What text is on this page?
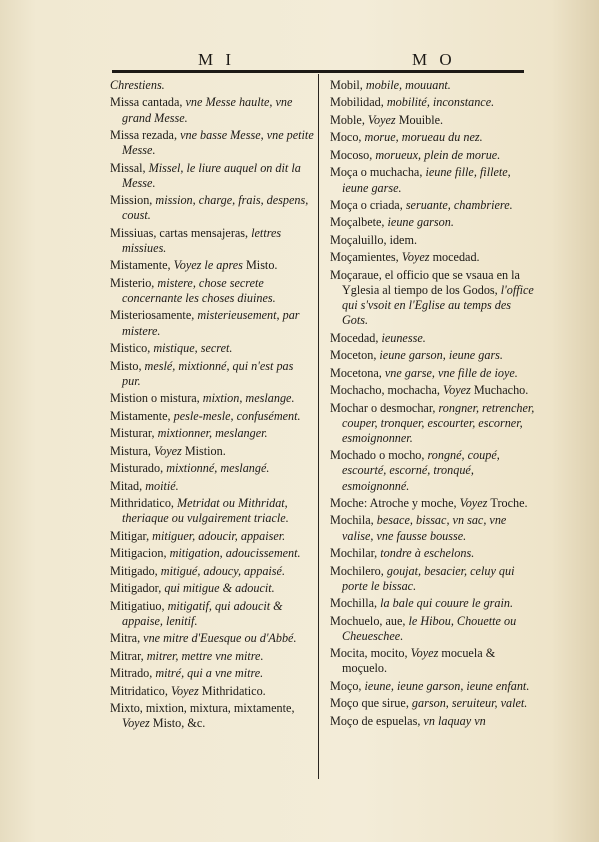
M I	M O
Chrestiens.
Missa cantada, vne Messe haulte, vne grand Messe.
Missa rezada, vne basse Messe, vne petite Messe.
Missal, Missel, le liure auquel on dit la Messe.
Mission, mission, charge, frais, despens, coust.
Missiuas, cartas mensajeras, lettres missiues.
Mistamente, Voyez le apres Misto.
Misterio, mistere, chose secrete concernante les choses diuines.
Misteriosamente, misterieusement, par mistere.
Mistico, mistique, secret.
Misto, meslé, mixtionné, qui n'est pas pur.
Mistion o mistura, mixtion, meslange.
Mistamente, pesle-mesle, confusément.
Misturar, mixtionner, meslanger.
Mistura, Voyez Mistion.
Misturado, mixtionné, meslangé.
Mitad, moitié.
Mithridatico, Metridat ou Mithridat, theriaque ou vulgairement triacle.
Mitigar, mitiguer, adoucir, appaiser.
Mitigacion, mitigation, adoucissement.
Mitigado, mitigué, adoucy, appaisé.
Mitigador, qui mitigue & adoucit.
Mitigatiuo, mitigatif, qui adoucit & appaise, lenitif.
Mitra, vne mitre d'Euesque ou d'Abbé.
Mitrar, mitrer, mettre vne mitre.
Mitrado, mitré, qui a vne mitre.
Mitridatico, Voyez Mithridatico.
Mixto, mixtion, mixtura, mixtamente, Voyez Misto, &c.
Mobil, mobile, mouuant.
Mobilidad, mobilité, inconstance.
Moble, Voyez Mouible.
Moco, morue, morueau du nez.
Mocoso, morueux, plein de morue.
Moça o muchacha, ieune fille, fillete, ieune garse.
Moça o criada, seruante, chambriere.
Moçalbete, ieune garson.
Moçaluillo, idem.
Moçamientes, Voyez mocedad.
Moçaraue, el officio que se vsaua en la Yglesia al tiempo de los Godos, l'office qui s'vsoit en l'Eglise au temps des Gots.
Mocedad, ieunesse.
Moceton, ieune garson, ieune gars.
Mocetona, vne garse, vne fille de ioye.
Mochacho, mochacha, Voyez Muchacho.
Mochar o desmochar, rongner, retrencher, couper, tronquer, escourter, escorner, esmoignonner.
Mochado o mocho, rongné, coupé, escourté, escorné, tronqué, esmoignonné.
Moche: Atroche y moche, Voyez Troche.
Mochila, besace, bissac, vn sac, vne valise, vne fausse bousse.
Mochilar, tondre à eschelons.
Mochilero, goujat, besacier, celuy qui porte le bissac.
Mochilla, la bale qui couure le grain.
Mochuelo, aue, le Hibou, Chouette ou Cheueschee.
Mocita, mocito, Voyez mocuela & moçuelo.
Moço, ieune, ieune garson, ieune enfant.
Moço que sirue, garson, seruiteur, valet.
Moço de espuelas, vn laquay vn
